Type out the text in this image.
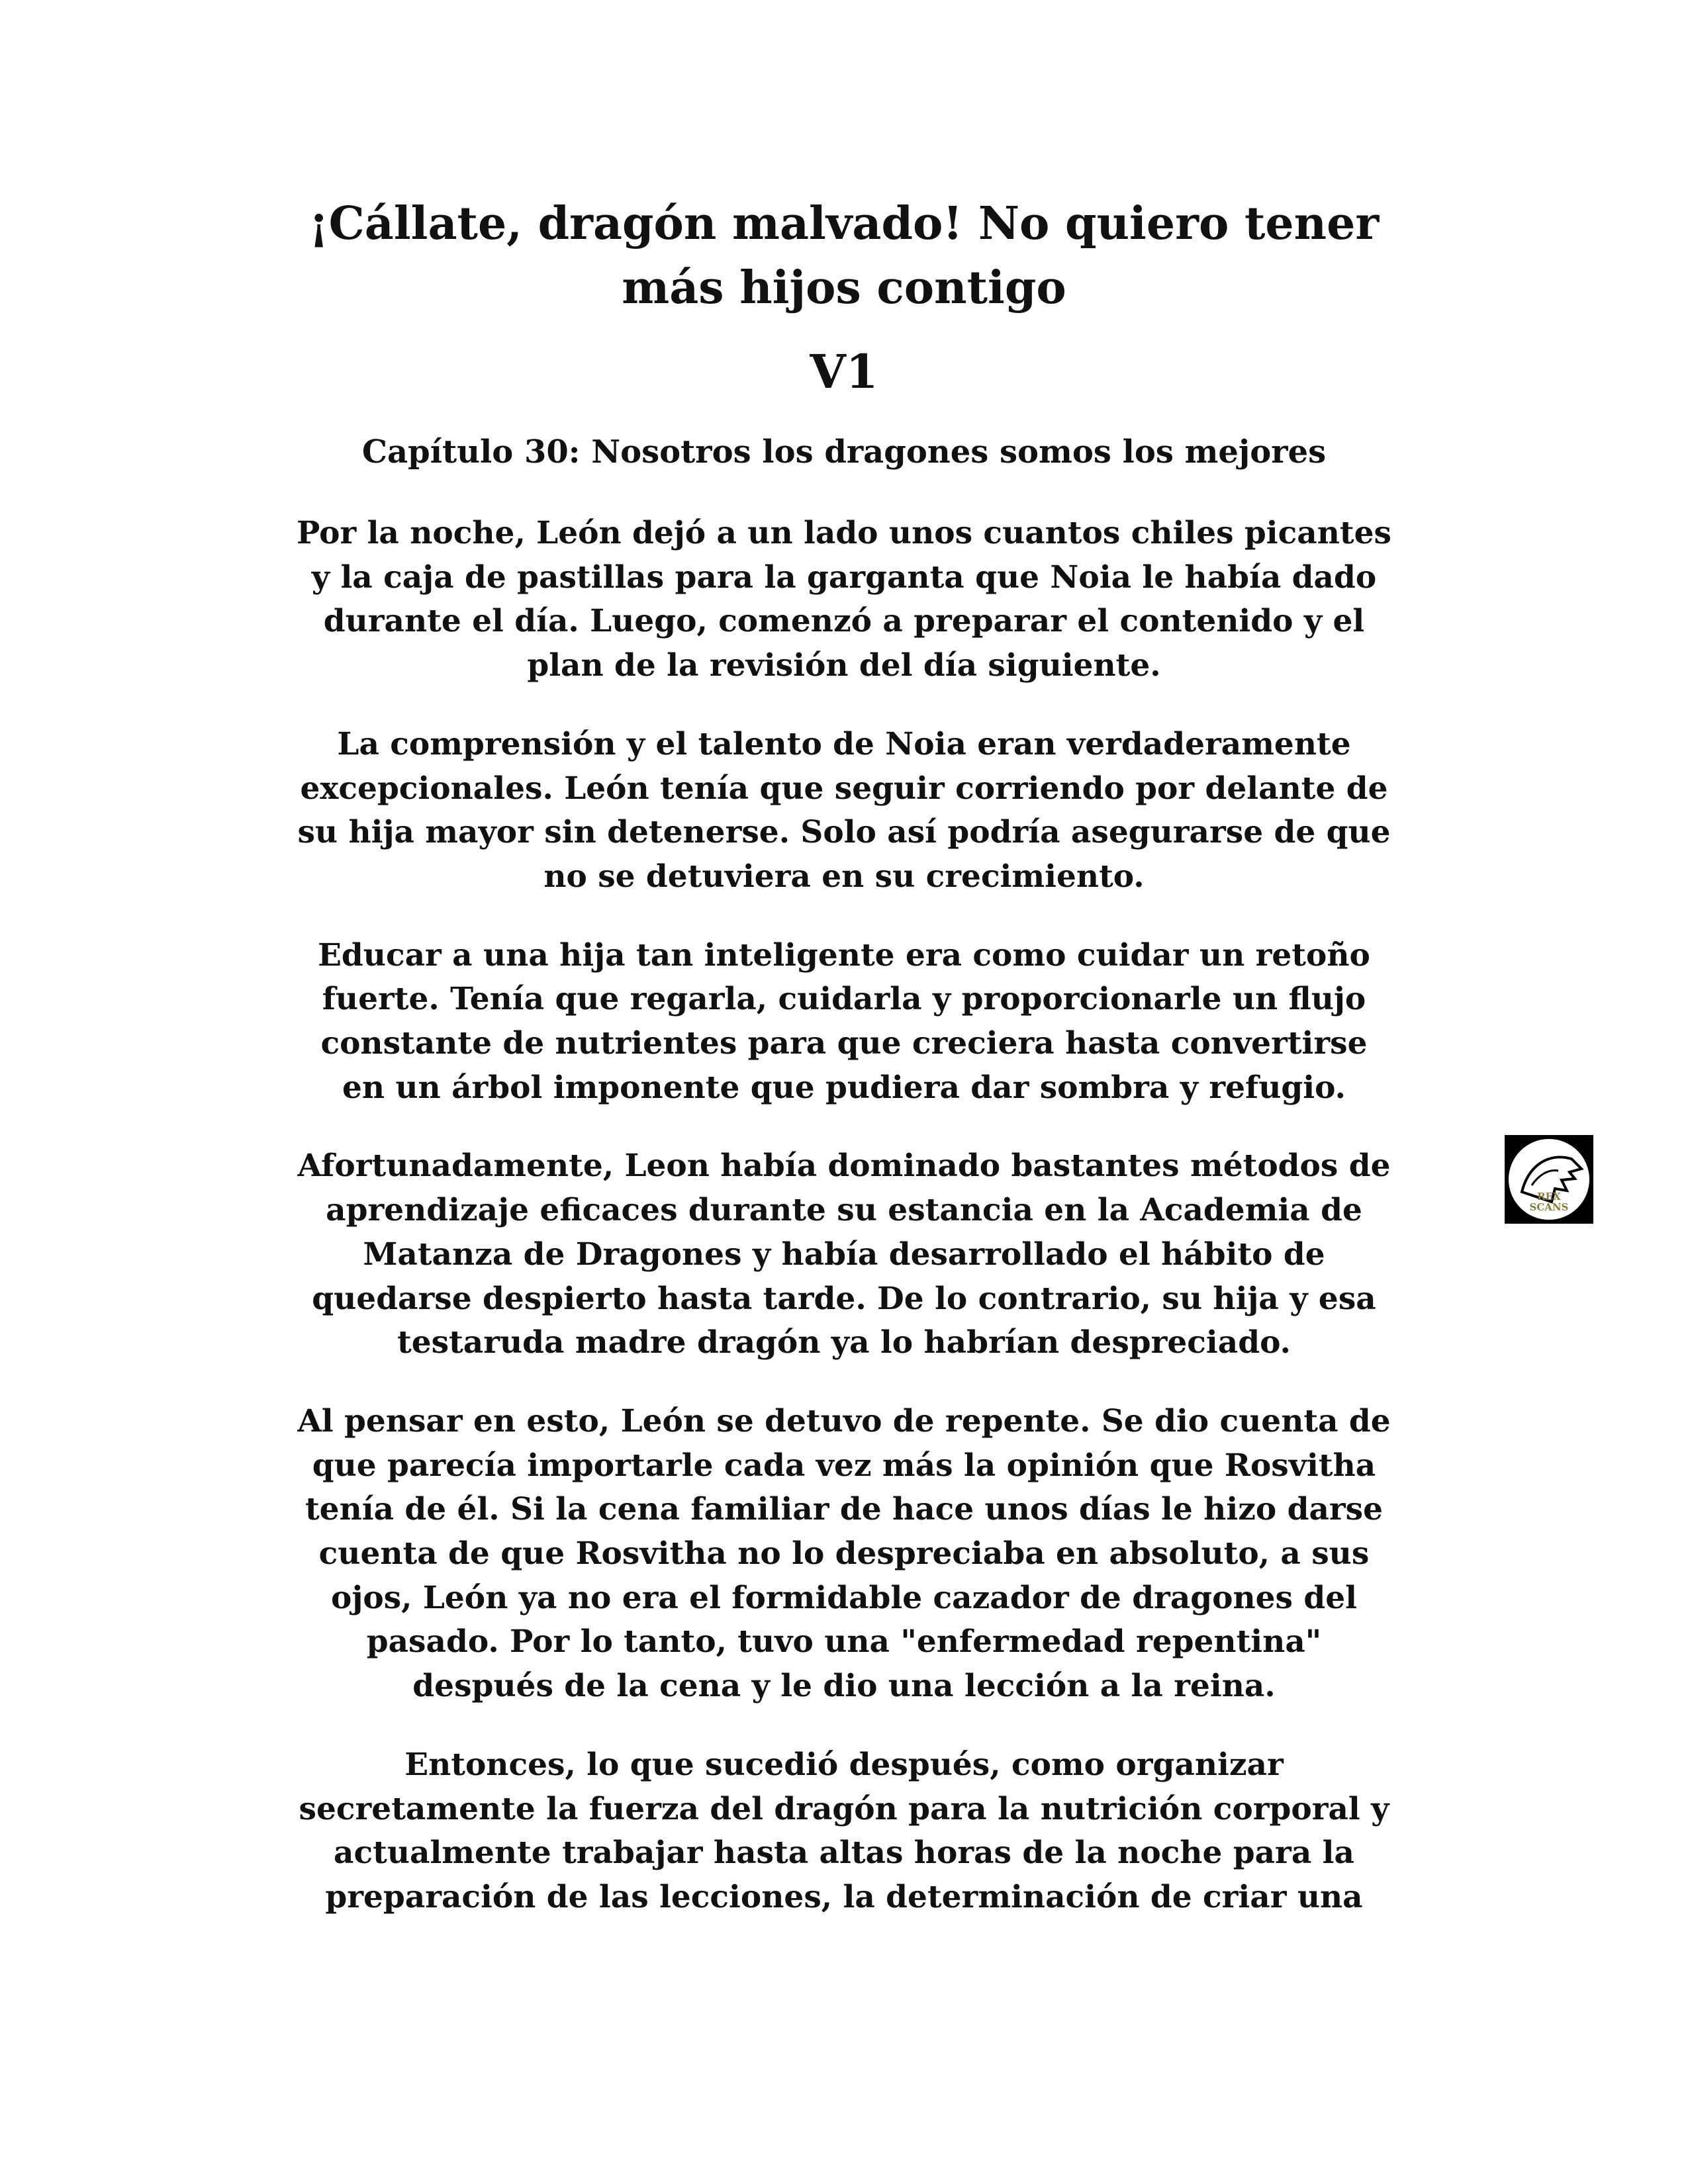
¡Cállate, dragón malvado! No quiero tener
más hijos contigo
V1
Capítulo 30: Nosotros los dragones somos los mejores
Por la noche, León dejó a un lado unos cuantos chiles picantes
y la caja de pastillas para la garganta que Noia le había dado
durante el día. Luego, comenzó a preparar el contenido y el
plan de la revisión del día siguiente.
La comprensión y el talento de Noia eran verdaderamente
excepcionales. León tenía que seguir corriendo por delante de
su hija mayor sin detenerse. Solo así podría asegurarse de que
no se detuviera en su crecimiento.
Educar a una hija tan inteligente era como cuidar un retoño
fuerte. Tenía que regarla, cuidarla y proporcionarle un flujo
constante de nutrientes para que creciera hasta convertirse
en un árbol imponente que pudiera dar sombra y refugio.
Afortunadamente, Leon había dominado bastantes métodos de
aprendizaje eficaces durante su estancia en la Academia de
Matanza de Dragones y había desarrollado el hábito de
quedarse despierto hasta tarde. De lo contrario, su hija y esa
testaruda madre dragón ya lo habrían despreciado.
Al pensar en esto, León se detuvo de repente. Se dio cuenta de
que parecía importarle cada vez más la opinión que Rosvitha
tenía de él. Si la cena familiar de hace unos días le hizo darse
cuenta de que Rosvitha no lo despreciaba en absoluto, a sus
ojos, León ya no era el formidable cazador de dragones del
pasado. Por lo tanto, tuvo una "enfermedad repentina"
después de la cena y le dio una lección a la reina.
Entonces, lo que sucedió después, como organizar
secretamente la fuerza del dragón para la nutrición corporal y
actualmente trabajar hasta altas horas de la noche para la
preparación de las lecciones, la determinación de criar una
REX
SCANS
